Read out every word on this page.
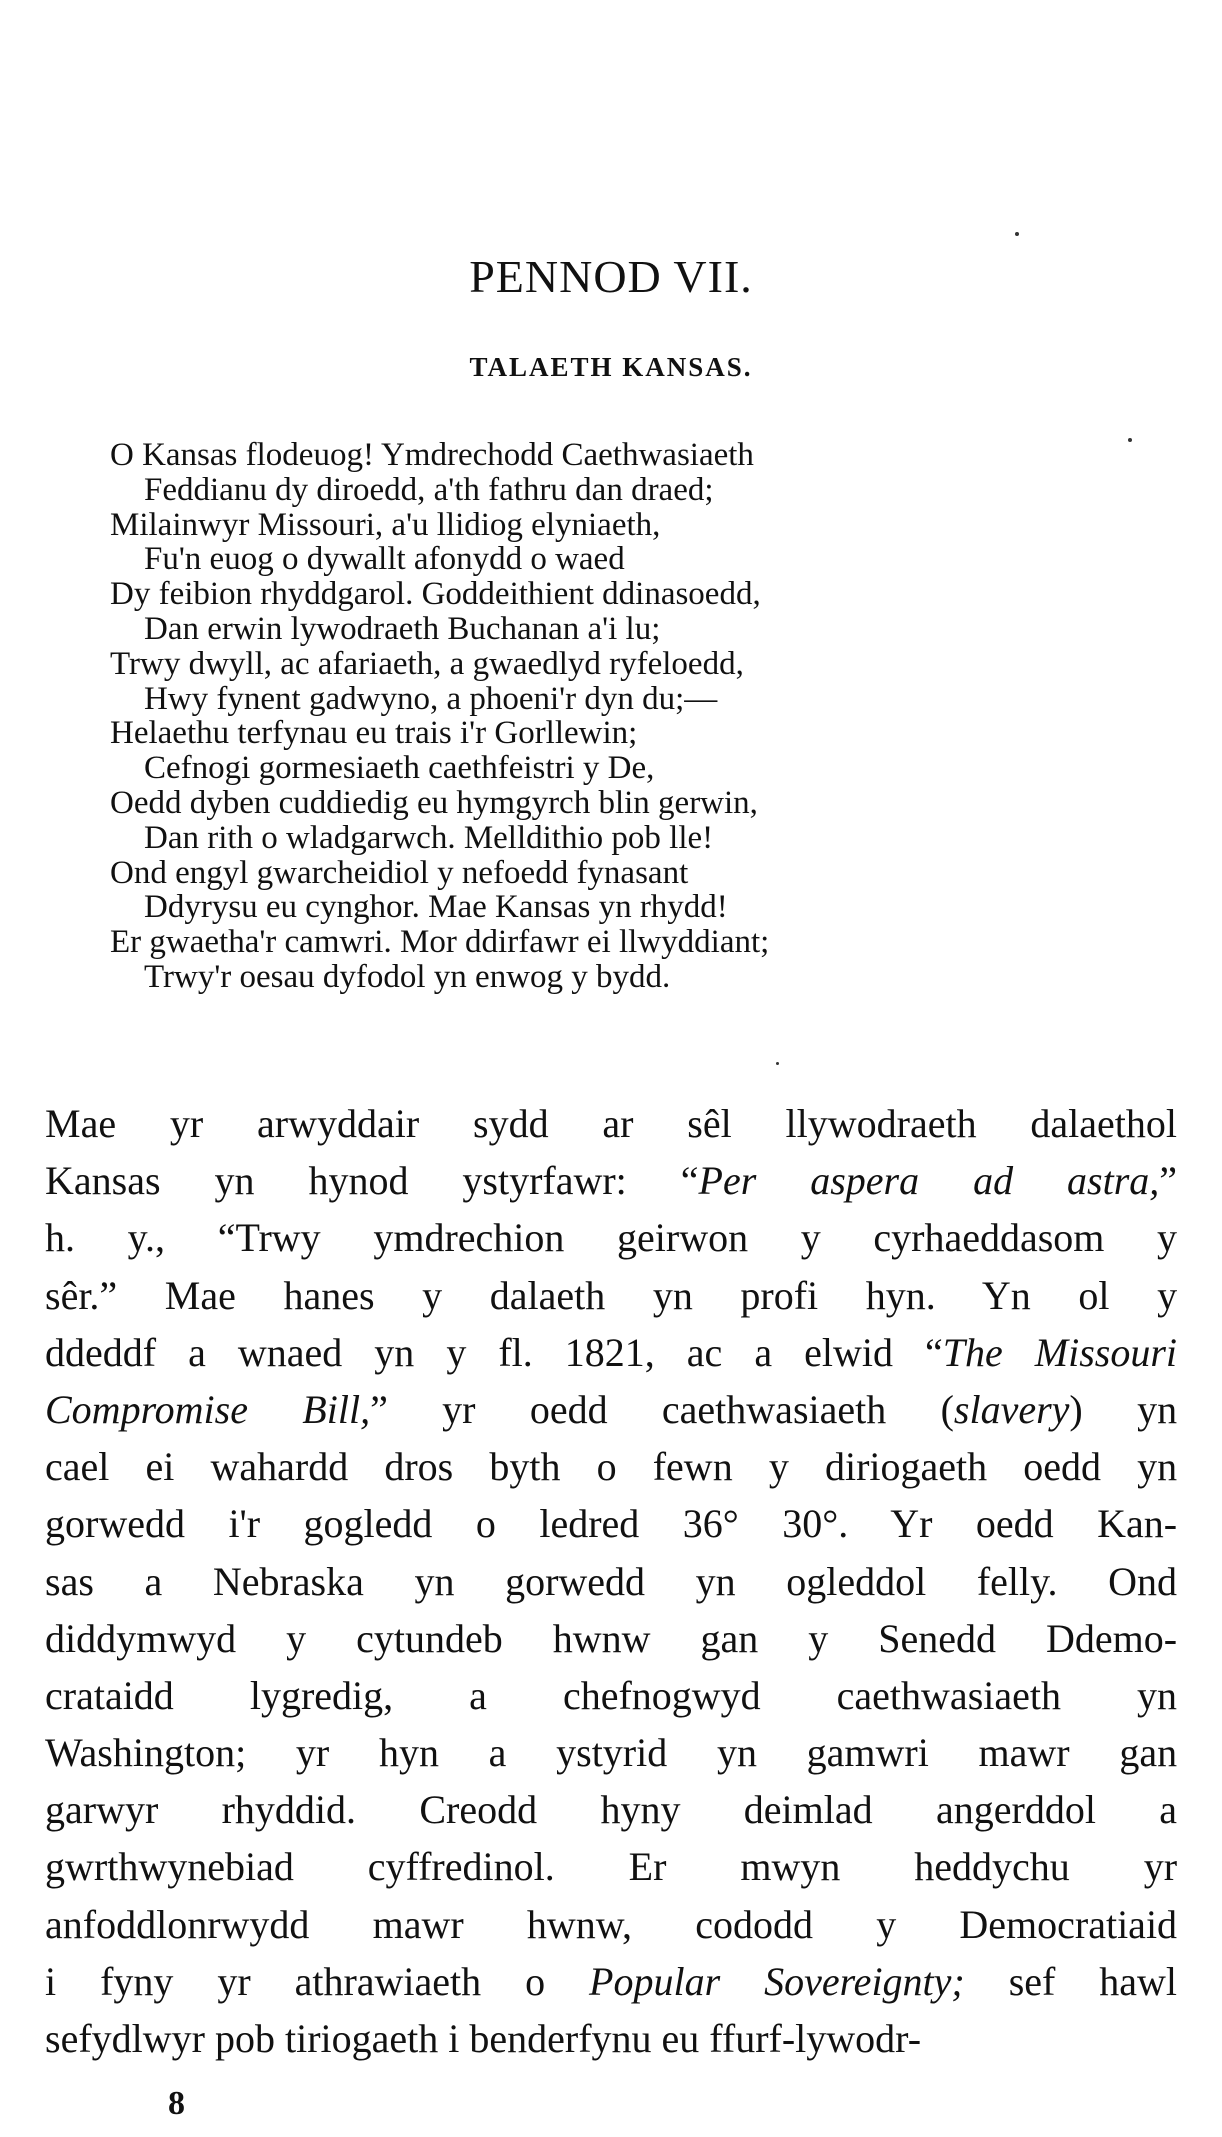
PENNOD VII.
TALAETH KANSAS.
O Kansas flodeuog! Ymdrechodd Caethwasiaeth
Feddianu dy diroedd, a'th fathru dan draed;
Milainwyr Missouri, a'u llidiog elyniaeth,
Fu'n euog o dywallt afonydd o waed
Dy feibion rhyddgarol. Goddeithient ddinasoedd,
Dan erwin lywodraeth Buchanan a'i lu;
Trwy dwyll, ac afariaeth, a gwaedlyd ryfeloedd,
Hwy fynent gadwyno, a phoeni'r dyn du;—
Helaethu terfynau eu trais i'r Gorllewin;
Cefnogi gormesiaeth caethfeistri y De,
Oedd dyben cuddiedig eu hymgyrch blin gerwin,
Dan rith o wladgarwch. Melldithio pob lle!
Ond engyl gwarcheidiol y nefoedd fynasant
Ddyrysu eu cynghor. Mae Kansas yn rhydd!
Er gwaetha'r camwri. Mor ddirfawr ei llwyddiant;
Trwy'r oesau dyfodol yn enwog y bydd.
Mae yr arwyddair sydd ar sêl llywodraeth dalaethol
Kansas yn hynod ystyrfawr: “Per aspera ad astra,”
h. y., “Trwy ymdrechion geirwon y cyrhaeddasom y
sêr.” Mae hanes y dalaeth yn profi hyn. Yn ol y
ddeddf a wnaed yn y fl. 1821, ac a elwid “The Missouri
Compromise Bill,” yr oedd caethwasiaeth (slavery) yn
cael ei wahardd dros byth o fewn y diriogaeth oedd yn
gorwedd i'r gogledd o ledred 36° 30°. Yr oedd Kan-
sas a Nebraska yn gorwedd yn ogleddol felly. Ond
diddymwyd y cytundeb hwnw gan y Senedd Ddemo-
crataidd lygredig, a chefnogwyd caethwasiaeth yn
Washington; yr hyn a ystyrid yn gamwri mawr gan
garwyr rhyddid. Creodd hyny deimlad angerddol a
gwrthwynebiad cyffredinol. Er mwyn heddychu yr
anfoddlonrwydd mawr hwnw, cododd y Democratiaid
i fyny yr athrawiaeth o Popular Sovereignty; sef hawl
sefydlwyr pob tiriogaeth i benderfynu eu ffurf-lywodr-
8
